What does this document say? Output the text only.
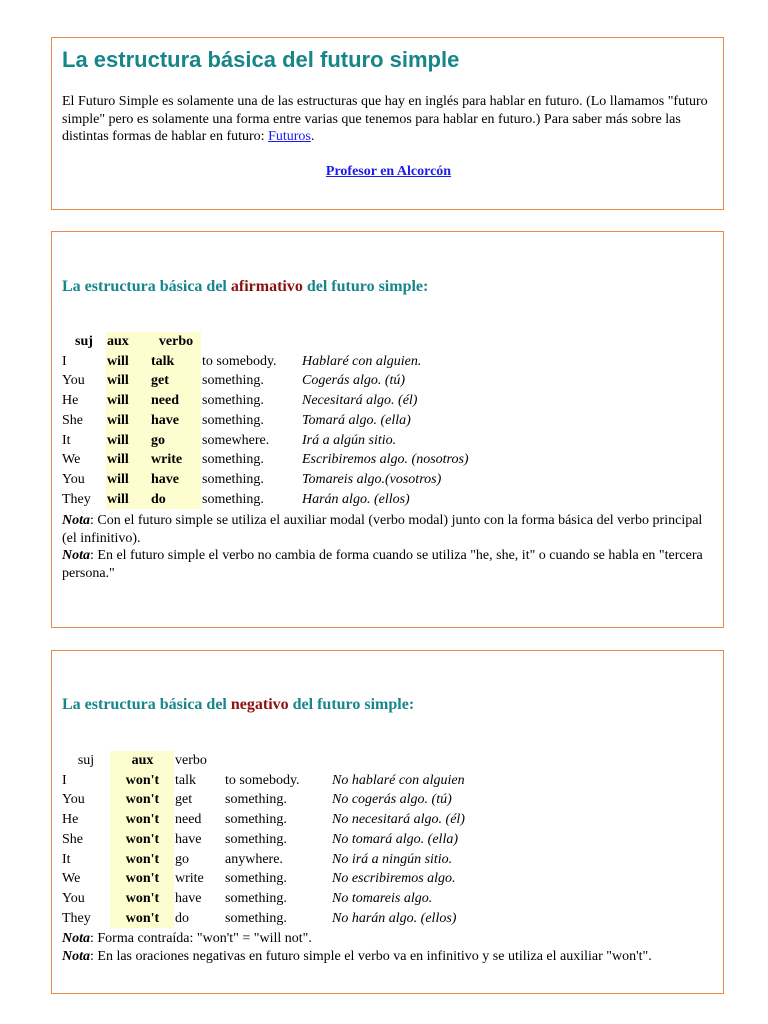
La estructura básica del futuro simple

El Futuro Simple es solamente una de las estructuras que hay en inglés para hablar en futuro. (Lo llamamos "futuro simple" pero es solamente una forma entre varias que tenemos para hablar en futuro.) Para saber más sobre las distintas formas de hablar en futuro: Futuros.

Profesor en Alcorcón
La estructura básica del afirmativo del futuro simple:
suj	aux	verbo		
I	will	talk	to somebody.	Hablaré con alguien.
You	will	get	something.	Cogerás algo. (tú)
He	will	need	something.	Necesitará algo. (él)
She	will	have	something.	Tomará algo. (ella)
It	will	go	somewhere.	Irá a algún sitio.
We	will	write	something.	Escribiremos algo. (nosotros)
You	will	have	something.	Tomareis algo.(vosotros)
They	will	do	something.	Harán algo. (ellos)

Nota: Con el futuro simple se utiliza el auxiliar modal (verbo modal) junto con la forma básica del verbo principal (el infinitivo).

Nota: En el futuro simple el verbo no cambia de forma cuando se utiliza "he, she, it" o cuando se habla en "tercera persona."

La estructura básica del negativo del futuro simple:
suj	aux	verbo		
I	won't	talk	to somebody.	No hablaré con alguien
You	won't	get	something.	No cogerás algo. (tú)
He	won't	need	something.	No necesitará algo. (él)
She	won't	have	something.	No tomará algo. (ella)
It	won't	go	anywhere.	No irá a ningún sitio.
We	won't	write	something.	No escribiremos algo.
You	won't	have	something.	No tomareis algo.
They	won't	do	something.	No harán algo. (ellos)

Nota: Forma contraída: "won't" = "will not".

Nota: En las oraciones negativas en futuro simple el verbo va en infinitivo y se utiliza el auxiliar "won't".
